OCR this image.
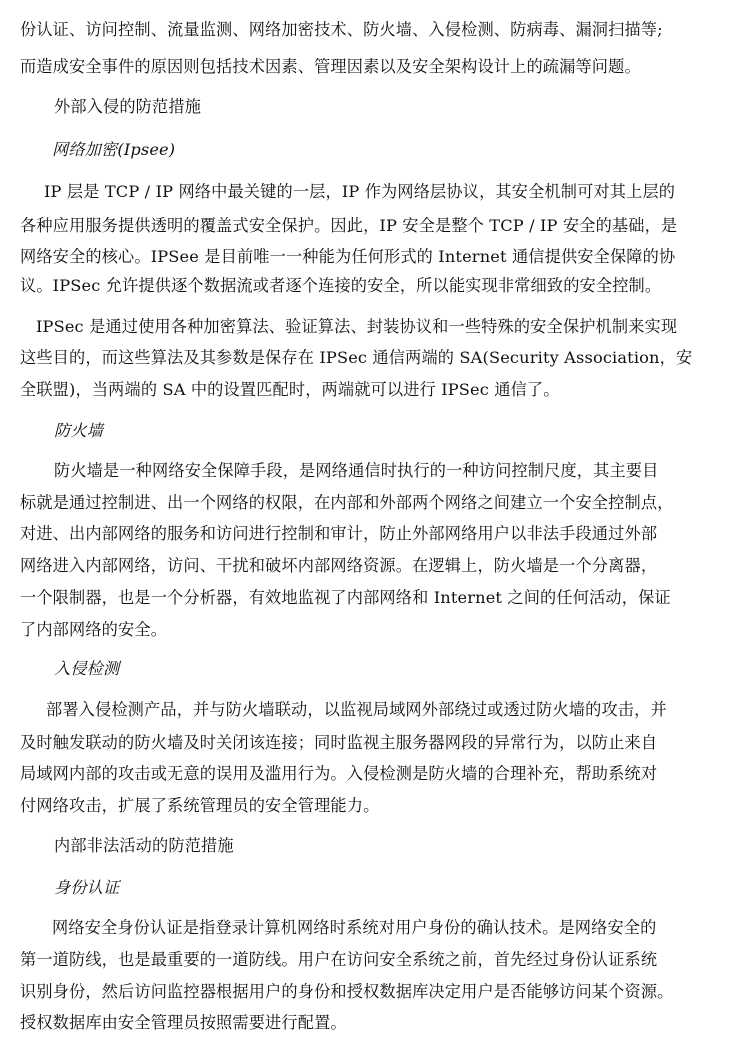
份认证、访问控制、流量监测、网络加密技术、防火墙、入侵检测、防病毒、漏洞扫描等;
而造成安全事件的原因则包括技术因素、管理因素以及安全架构设计上的疏漏等问题。
外部入侵的防范措施
网络加密(Ipsee)
IP 层是 TCP / IP 网络中最关键的一层，IP 作为网络层协议，其安全机制可对其上层的
各种应用服务提供透明的覆盖式安全保护。因此，IP 安全是整个 TCP / IP 安全的基础，是
网络安全的核心。IPSee 是目前唯一一种能为任何形式的 Internet 通信提供安全保障的协
议。IPSec 允许提供逐个数据流或者逐个连接的安全，所以能实现非常细致的安全控制。
IPSec 是通过使用各种加密算法、验证算法、封装协议和一些特殊的安全保护机制来实现
这些目的，而这些算法及其参数是保存在 IPSec 通信两端的 SA(Security Association，安
全联盟)，当两端的 SA 中的设置匹配时，两端就可以进行 IPSec 通信了。
防火墙
防火墙是一种网络安全保障手段，是网络通信时执行的一种访问控制尺度，其主要目
标就是通过控制进、出一个网络的权限，在内部和外部两个网络之间建立一个安全控制点，
对进、出内部网络的服务和访问进行控制和审计，防止外部网络用户以非法手段通过外部
网络进入内部网络，访问、干扰和破坏内部网络资源。在逻辑上，防火墙是一个分离器，
一个限制器，也是一个分析器，有效地监视了内部网络和 Internet 之间的任何活动，保证
了内部网络的安全。
入侵检测
部署入侵检测产品，并与防火墙联动，以监视局域网外部绕过或透过防火墙的攻击，并
及时触发联动的防火墙及时关闭该连接；同时监视主服务器网段的异常行为，以防止来自
局域网内部的攻击或无意的误用及滥用行为。入侵检测是防火墙的合理补充，帮助系统对
付网络攻击，扩展了系统管理员的安全管理能力。
内部非法活动的防范措施
身份认证
网络安全身份认证是指登录计算机网络时系统对用户身份的确认技术。是网络安全的
第一道防线，也是最重要的一道防线。用户在访问安全系统之前，首先经过身份认证系统
识别身份，然后访问监控器根据用户的身份和授权数据库决定用户是否能够访问某个资源。
授权数据库由安全管理员按照需要进行配置。
